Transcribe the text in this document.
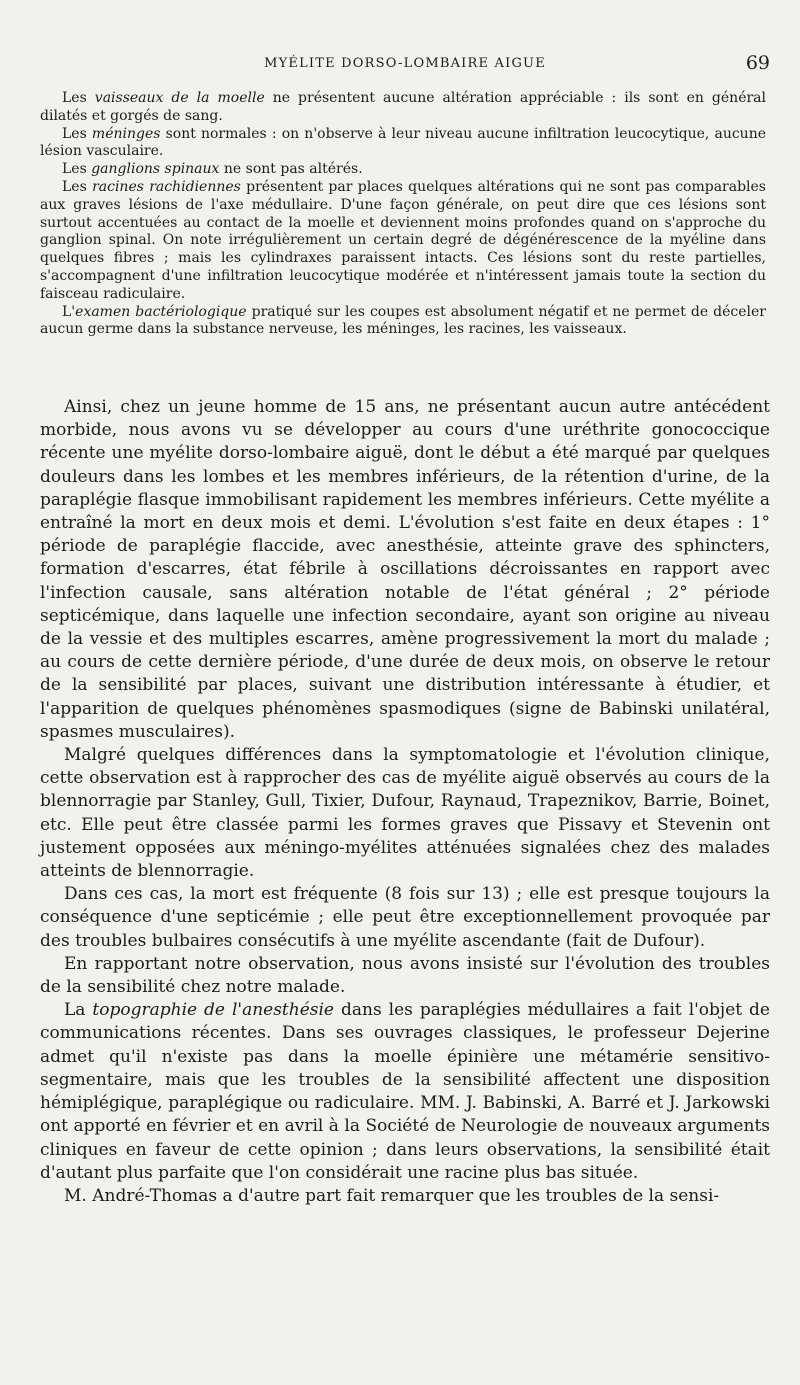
MYÉLITE DORSO-LOMBAIRE AIGUE	69

Les vaisseaux de la moelle ne présentent aucune altération appréciable : ils sont en général dilatés et gorgés de sang.

Les méninges sont normales : on n'observe à leur niveau aucune infiltration leucocytique, aucune lésion vasculaire.

Les ganglions spinaux ne sont pas altérés.

Les racines rachidiennes présentent par places quelques altérations qui ne sont pas comparables aux graves lésions de l'axe médullaire. D'une façon générale, on peut dire que ces lésions sont surtout accentuées au contact de la moelle et deviennent moins profondes quand on s'approche du ganglion spinal. On note irrégulièrement un certain degré de dégénérescence de la myéline dans quelques fibres ; mais les cylindraxes paraissent intacts. Ces lésions sont du reste partielles, s'accompagnent d'une infiltration leucocytique modérée et n'intéressent jamais toute la section du faisceau radiculaire.

L'examen bactériologique pratiqué sur les coupes est absolument négatif et ne permet de déceler aucun germe dans la substance nerveuse, les méninges, les racines, les vaisseaux.

Ainsi, chez un jeune homme de 15 ans, ne présentant aucun autre antécédent morbide, nous avons vu se développer au cours d'une uréthrite gonococcique récente une myélite dorso-lombaire aiguë, dont le début a été marqué par quelques douleurs dans les lombes et les membres inférieurs, de la rétention d'urine, de la paraplégie flasque immobilisant rapidement les membres inférieurs. Cette myélite a entraîné la mort en deux mois et demi. L'évolution s'est faite en deux étapes : 1° période de paraplégie flaccide, avec anesthésie, atteinte grave des sphincters, formation d'escarres, état fébrile à oscillations décroissantes en rapport avec l'infection causale, sans altération notable de l'état général ; 2° période septicémique, dans laquelle une infection secondaire, ayant son origine au niveau de la vessie et des multiples escarres, amène progressivement la mort du malade ; au cours de cette dernière période, d'une durée de deux mois, on observe le retour de la sensibilité par places, suivant une distribution intéressante à étudier, et l'apparition de quelques phénomènes spasmodiques (signe de Babinski unilatéral, spasmes musculaires).

Malgré quelques différences dans la symptomatologie et l'évolution clinique, cette observation est à rapprocher des cas de myélite aiguë observés au cours de la blennorragie par Stanley, Gull, Tixier, Dufour, Raynaud, Trapeznikov, Barrie, Boinet, etc. Elle peut être classée parmi les formes graves que Pissavy et Stevenin ont justement opposées aux méningo-myélites atténuées signalées chez des malades atteints de blennorragie.

Dans ces cas, la mort est fréquente (8 fois sur 13) ; elle est presque toujours la conséquence d'une septicémie ; elle peut être exceptionnellement provoquée par des troubles bulbaires consécutifs à une myélite ascendante (fait de Dufour).

En rapportant notre observation, nous avons insisté sur l'évolution des troubles de la sensibilité chez notre malade.

La topographie de l'anesthésie dans les paraplégies médullaires a fait l'objet de communications récentes. Dans ses ouvrages classiques, le professeur Dejerine admet qu'il n'existe pas dans la moelle épinière une métamérie sensitivo-segmentaire, mais que les troubles de la sensibilité affectent une disposition hémiplégique, paraplégique ou radiculaire. MM. J. Babinski, A. Barré et J. Jarkowski ont apporté en février et en avril à la Société de Neurologie de nouveaux arguments cliniques en faveur de cette opinion ; dans leurs observations, la sensibilité était d'autant plus parfaite que l'on considérait une racine plus bas située.

M. André-Thomas a d'autre part fait remarquer que les troubles de la sensi-
